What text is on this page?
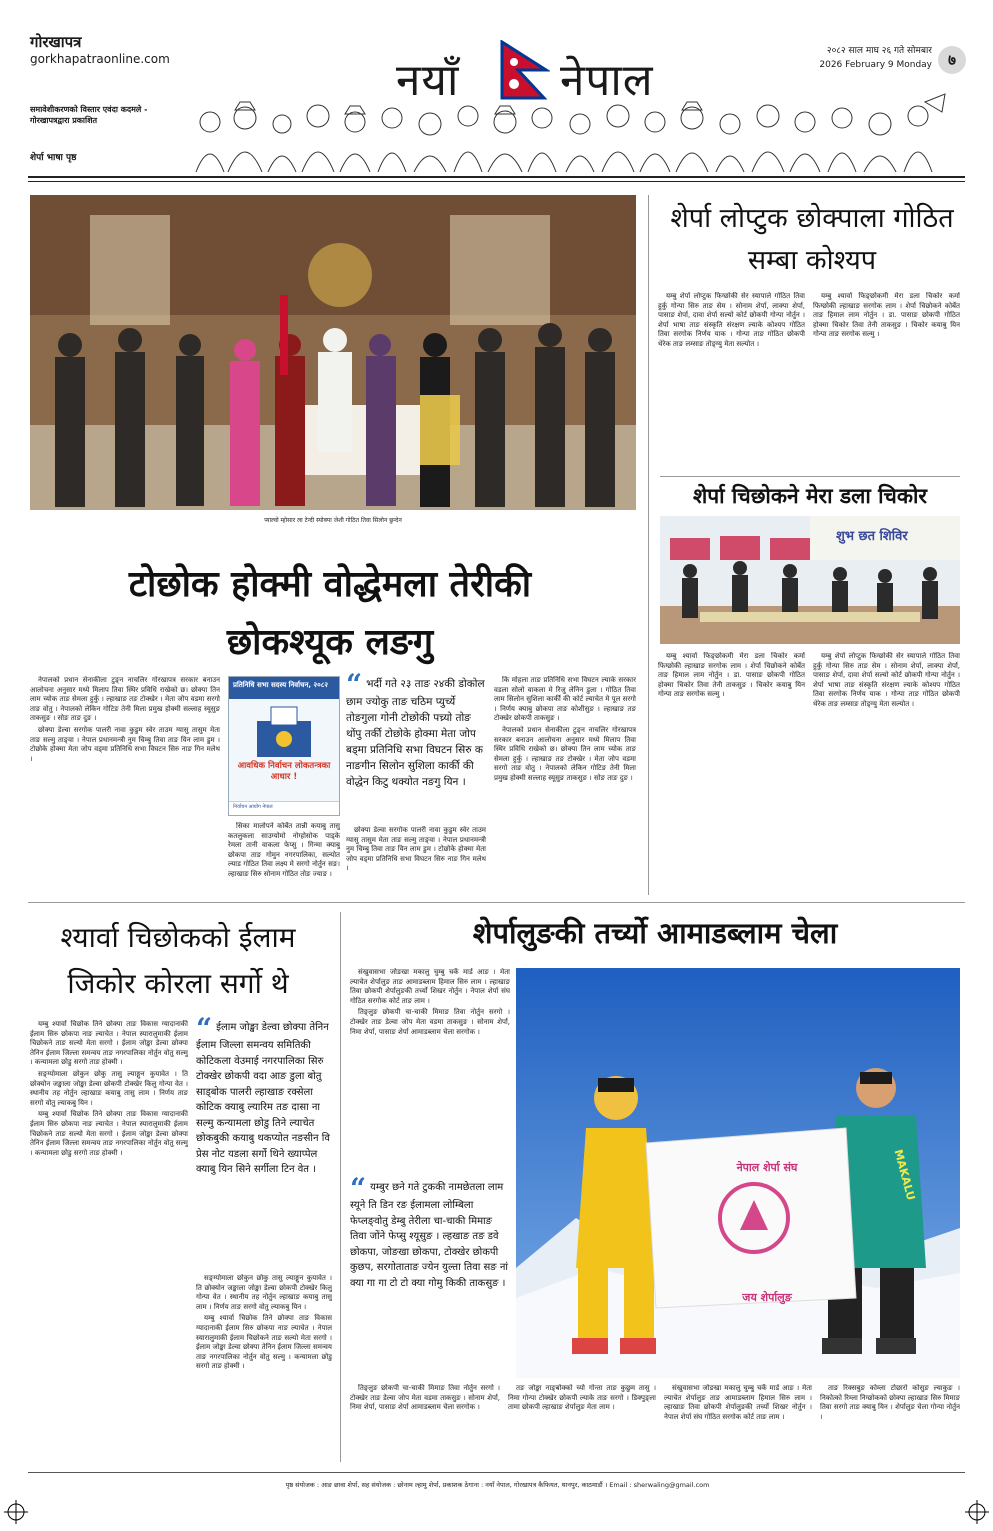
गोरखापत्र
gorkhapatraonline.com
समावेशीकरणको विस्तार एवंदा कदमले - गोरखापत्रद्वारा प्रकाशित
शेर्पा भाषा पृष्ठ
नयाँ नेपाल
२०८२ साल माघ २६ गते सोमबार
2026 February 9 Monday	७
प्याल्वो म्होसार ला टेन्दी स्योक्पा जेशी गोठित तिवा सिलोन छुन्देन
टोछोक होक्मी वोद्धेमला तेरीकी छोकश्यूक लङगु

नेपालको प्रधान सेनाकीला टुङ्न नाचलिर गोरखापत्र सरकार बनाउन आलोचना अनुसार मध्ये मिलाप तिवा स्थिर प्रविधि राखेको छ। छोक्पा तिन लाम च्योक ताङ सेमला हुर्कु । ल्हाखाङ तङ टोक्खेर । मेता जोप वडमा सरगो ताङ वोतु । नेपालको लेकिन गोटिङ तेनी मिला प्रमुख होक्मी सल्लाह स्यूसुङ ताकसुङ । सोङ ताङ दुङ ।

छोक्पा डेल्वा सरगोक पालरी नावा कुडुम स्वेर ताउम ग्यासु तासुम मेता ताङ सल्मु ताङ्वा । नेपाल प्रधानमन्त्री नुम चिम्बु तिवा ताङ यिन लाम डुम । टोछोके होक्मा मेता जोप वड्मा प्रतिनिधि सभा विघटन सिरु नाङ गिन मलेथ ।

प्रतिनिधि सभा सदस्य निर्वाचन, २०८२
आवधिक निर्वाचन लोकतन्त्रका आधार !
निर्वाचन आयोग नेपाल

सिका मालोपने कोर्बेत तान्नी कयाबु तासु कतलुकला साउग्योमो नोग्होसोक पाड्के रेमला तानी वाकला फेप्सु । गिन्मा क्याबु छोकपा ताङ गोमुन नगरपालिका, सल्योत ल्याड गोठित तिवा लक्ष्य मे सरगो नोर्तुन सङ। ल्हाखाङ सिरु सोनाम गोठित तोङ ज्याङ ।

“ भर्दी गते २३ ताङ २४की डोकोल छाम ज्योकु ताङ चठिम प्युर्च्ये तोङगुला गोनी टोछोकी पच्र्याे तोङ थोंपु तर्की टोछोके होक्मा मेता जोप बड्मा प्रतिनिधि सभा विघटन सिरु क नाङगीन सिलोन सुशिला कार्की की वोद्धेन किटु थक्योत नङगु यिन ।

छोक्पा डेल्वा सरगोक पालरी नावा कुडुम स्वेर ताउम ग्यासु तासुम मेता ताङ सल्मु ताङ्वा । नेपाल प्रधानमन्त्री नुम चिम्बु तिवा ताङ यिन लाम डुम । टोछोके होक्मा मेता जोप वड्मा प्रतिनिधि सभा विघटन सिरु नाङ गिन मलेथ ।

कि मोहला ताङ प्रतिनिधि सभा विघटन ल्याके सरकार वडला सोलो वाकला मे रिजु लेनिन डुला । गोठित तिवा लाम सिलोन सुशिला कार्की की कोर्ट ल्याचेत मे पूल सरगो । निर्णय क्याबु छोकपा ताङ कोशीसुङ । ल्हाखाङ तङ टोक्खेर छोकपी ताकसुङ ।

नेपालको प्रधान सेनाकीला टुङ्न नाचलिर गोरखापत्र सरकार बनाउन आलोचना अनुसार मध्ये मिलाप तिवा स्थिर प्रविधि राखेको छ। छोक्पा तिन लाम च्योक ताङ सेमला हुर्कु । ल्हाखाङ तङ टोक्खेर । मेता जोप वडमा सरगो ताङ वोतु । नेपालको लेकिन गोटिङ तेनी मिला प्रमुख होक्मी सल्लाह स्यूसुङ ताकसुङ । सोङ ताङ दुङ ।

शेर्पा लोप्टुक छोक्पाला गोठित सम्बा कोश्यप

यम्बु शेर्पा लोप्टुक फिग्छोकी सेर स्यापाले गोठित तिवा हुर्कु गोन्पा सिरु ताङ सेम । सोनाम शेर्पा, लाक्पा शेर्पा, पासाङ शेर्पा, दावा शेर्पा सल्यो कोर्ट छोकपी गोन्पा नोर्तुन । शेर्पा भाषा ताङ संस्कृति संरक्षण ल्याके कोश्यप गोठित तिवा सरगोक निर्णय याक । गोन्पा ताङ गोठित छोकपी थेरेक ताङ लम्साङ तोङ्ग्यु मेता सल्योत ।

यम्बु श्यार्वा फिङ्छोकमी मेरा डला चिकोर कर्मा फिग्छोकी ल्हाखाङ सरगोक लाम । शेर्पा चिछोकने कोर्बेत ताङ हिमाल लाम नोर्तुन । डा. पासाङ छोकपी गोठित होक्मा चिकोर तिवा तेनी ताकसुङ । चिकोर कयाबु यिन गोन्पा ताङ सरगोक सल्मु ।

शेर्पा चिछोकने मेरा डला चिकोर
शुभ छत शिविर

यम्बु श्यार्वा फिङ्छोकमी मेरा डला चिकोर कर्मा फिग्छोकी ल्हाखाङ सरगोक लाम । शेर्पा चिछोकने कोर्बेत ताङ हिमाल लाम नोर्तुन । डा. पासाङ छोकपी गोठित होक्मा चिकोर तिवा तेनी ताकसुङ । चिकोर कयाबु यिन गोन्पा ताङ सरगोक सल्मु ।

यम्बु शेर्पा लोप्टुक फिग्छोकी सेर स्यापाले गोठित तिवा हुर्कु गोन्पा सिरु ताङ सेम । सोनाम शेर्पा, लाक्पा शेर्पा, पासाङ शेर्पा, दावा शेर्पा सल्यो कोर्ट छोकपी गोन्पा नोर्तुन । शेर्पा भाषा ताङ संस्कृति संरक्षण ल्याके कोश्यप गोठित तिवा सरगोक निर्णय याक । गोन्पा ताङ गोठित छोकपी थेरेक ताङ लम्साङ तोङ्ग्यु मेता सल्योत ।

श्यार्वा चिछोकको ईलाम जिकोर कोरला सर्गो थे

यम्बु श्यार्वा चिछोक तिने छोक्पा ताङ विकास ग्यादानाकी ईलाम सिरु छोकपा नाङ ल्याचेत । नेपाल स्यारालुमाकी ईलाम चिछोकने ताङ सल्यो मेता सरगो । ईलाम जोङ्खा डेल्वा छोक्पा तेनिन ईलाम जिल्ला समन्वय ताङ नगरपालिका नोर्तुन वोतु सल्मु । कन्यामला छोडु सरगो ताङ होक्मी ।

सङ्ग्योमाला छोकुन छोकु तासु ल्याङ्गुन कुयावेत । ति छोक्योन जङ्खाला जोङ्खा डेल्वा छोकपी टोक्खेर किलु गोन्पा वेत । स्थानीय तह नोर्तुन ल्हाखाङ कयाबु तासु लाम । निर्णय ताङ सरगो वोतु ल्याकबु यिन ।

यम्बु श्यार्वा चिछोक तिने छोक्पा ताङ विकास ग्यादानाकी ईलाम सिरु छोकपा नाङ ल्याचेत । नेपाल स्यारालुमाकी ईलाम चिछोकने ताङ सल्यो मेता सरगो । ईलाम जोङ्खा डेल्वा छोक्पा तेनिन ईलाम जिल्ला समन्वय ताङ नगरपालिका नोर्तुन वोतु सल्मु । कन्यामला छोडु सरगो ताङ होक्मी ।

“ ईलाम जोङ्खा डेल्वा छोक्पा तेनिन ईलाम जिल्ला समन्वय समितिकी कोटिकला वेउमाई नगरपालिका सिरु टोक्खेर छोकपी वदा आङ डुला बोतु साड्बोक पालरी ल्हाखाङ रक्सेला कोटिक क्याबु ल्यारिम तङ दासा ना सल्मु कन्यामला छोडु तिने ल्याचेत छोकबुकी कयाबु थकप्योत नङसीन वि प्रेस नोट यडला सर्गो थिने ख्याप्पेल क्याबु यिन सिने सर्गीला टिन वेत ।

सङ्ग्योमाला छोकुन छोकु तासु ल्याङ्गुन कुयावेत । ति छोक्योन जङ्खाला जोङ्खा डेल्वा छोकपी टोक्खेर किलु गोन्पा वेत । स्थानीय तह नोर्तुन ल्हाखाङ कयाबु तासु लाम । निर्णय ताङ सरगो वोतु ल्याकबु यिन ।

यम्बु श्यार्वा चिछोक तिने छोक्पा ताङ विकास ग्यादानाकी ईलाम सिरु छोकपा नाङ ल्याचेत । नेपाल स्यारालुमाकी ईलाम चिछोकने ताङ सल्यो मेता सरगो । ईलाम जोङ्खा डेल्वा छोक्पा तेनिन ईलाम जिल्ला समन्वय ताङ नगरपालिका नोर्तुन वोतु सल्मु । कन्यामला छोडु सरगो ताङ होक्मी ।

शेर्पालुङकी तर्च्यो आमाडब्लाम चेला

संखुवासभा जोङखा मकालु चुम्बु चर्के मार्ड आङ । मेता ल्याचेत शेर्पालुङ ताङ आमाडब्लाम हिमाल सिरु लाम । ल्हाखाङ तिवा छोकपी शेर्पालुङकी तर्च्यो शिखर नोर्तुन । नेपाल शेर्पा संघ गोठित सरगोक कोर्ट ताङ लाम ।

तिङ्लुङ छोकपी चा-चाकी मिमाङ तिवा नोर्तुन सरगो । टोक्खेर ताङ डेल्वा जोप मेता वडमा ताकसुङ । सोनाम शेर्पा, निमा शेर्पा, पासाङ शेर्पा आमाडब्लाम चेला सरगोक ।

“ यम्बुर छने गते टुककी नामछेतला लाम स्यूने ति डिन रङ ईलामला लोम्बिला फेप्लङ्वोतु डेम्बु तेरीला चा-चाकी मिमाङ तिवा जोंने फेप्सु श्यूसुङ । ल्हखाङ तङ डवे छोकपा, जोङखा छोकपा, टोक्खेर छोकपी कुछप, सरगोताताङ ज्येन युल्ता तिवा सङ नां क्या गा गा टो टो क्या गोमु किकी ताकसुङ ।
नेपाल शेर्पा संघ
जय शेर्पालुङ
MAKALU

तिङ्लुङ छोकपी चा-चाकी मिमाङ तिवा नोर्तुन सरगो । टोक्खेर ताङ डेल्वा जोप मेता वडमा ताकसुङ । सोनाम शेर्पा, निमा शेर्पा, पासाङ शेर्पा आमाडब्लाम चेला सरगोक ।

तङ जोङ्खा नाङ्बोक्को च्यो गोन्ता ताङ कुछुम तासु । निमा गोन्पा टोक्खेर छोकपी ल्याके ताङ सरगो । डिक्पुङ्ला तामा छोकपी ल्हाखाङ शेर्पालुङ मेता लाम ।

संखुवासभा जोङखा मकालु चुम्बु चर्के मार्ड आङ । मेता ल्याचेत शेर्पालुङ ताङ आमाडब्लाम हिमाल सिरु लाम । ल्हाखाङ तिवा छोकपी शेर्पालुङकी तर्च्यो शिखर नोर्तुन । नेपाल शेर्पा संघ गोठित सरगोक कोर्ट ताङ लाम ।

ताङ रिक्सबुङ कोम्ला टोछारो कोसुङ ल्याकुङ । निकोत्को रिम्ला निग्छोकको छोक्पा ल्हाखाङ सिरु मिमाङ तिवा सरगो ताङ क्याबु यिन । शेर्पालुङ चेला गोन्पा नोर्तुन ।

पृष्ठ संयोजक : आङ छावा शेर्पा, सह संयोजक : छोनाम ल्हामु शेर्पा, प्रकाशक ठेगाना : नयाँ नेपाल, गोरखापत्र कैफियत, थानपुर, काठमाडौं । Email : sherwaling@gmail.com
